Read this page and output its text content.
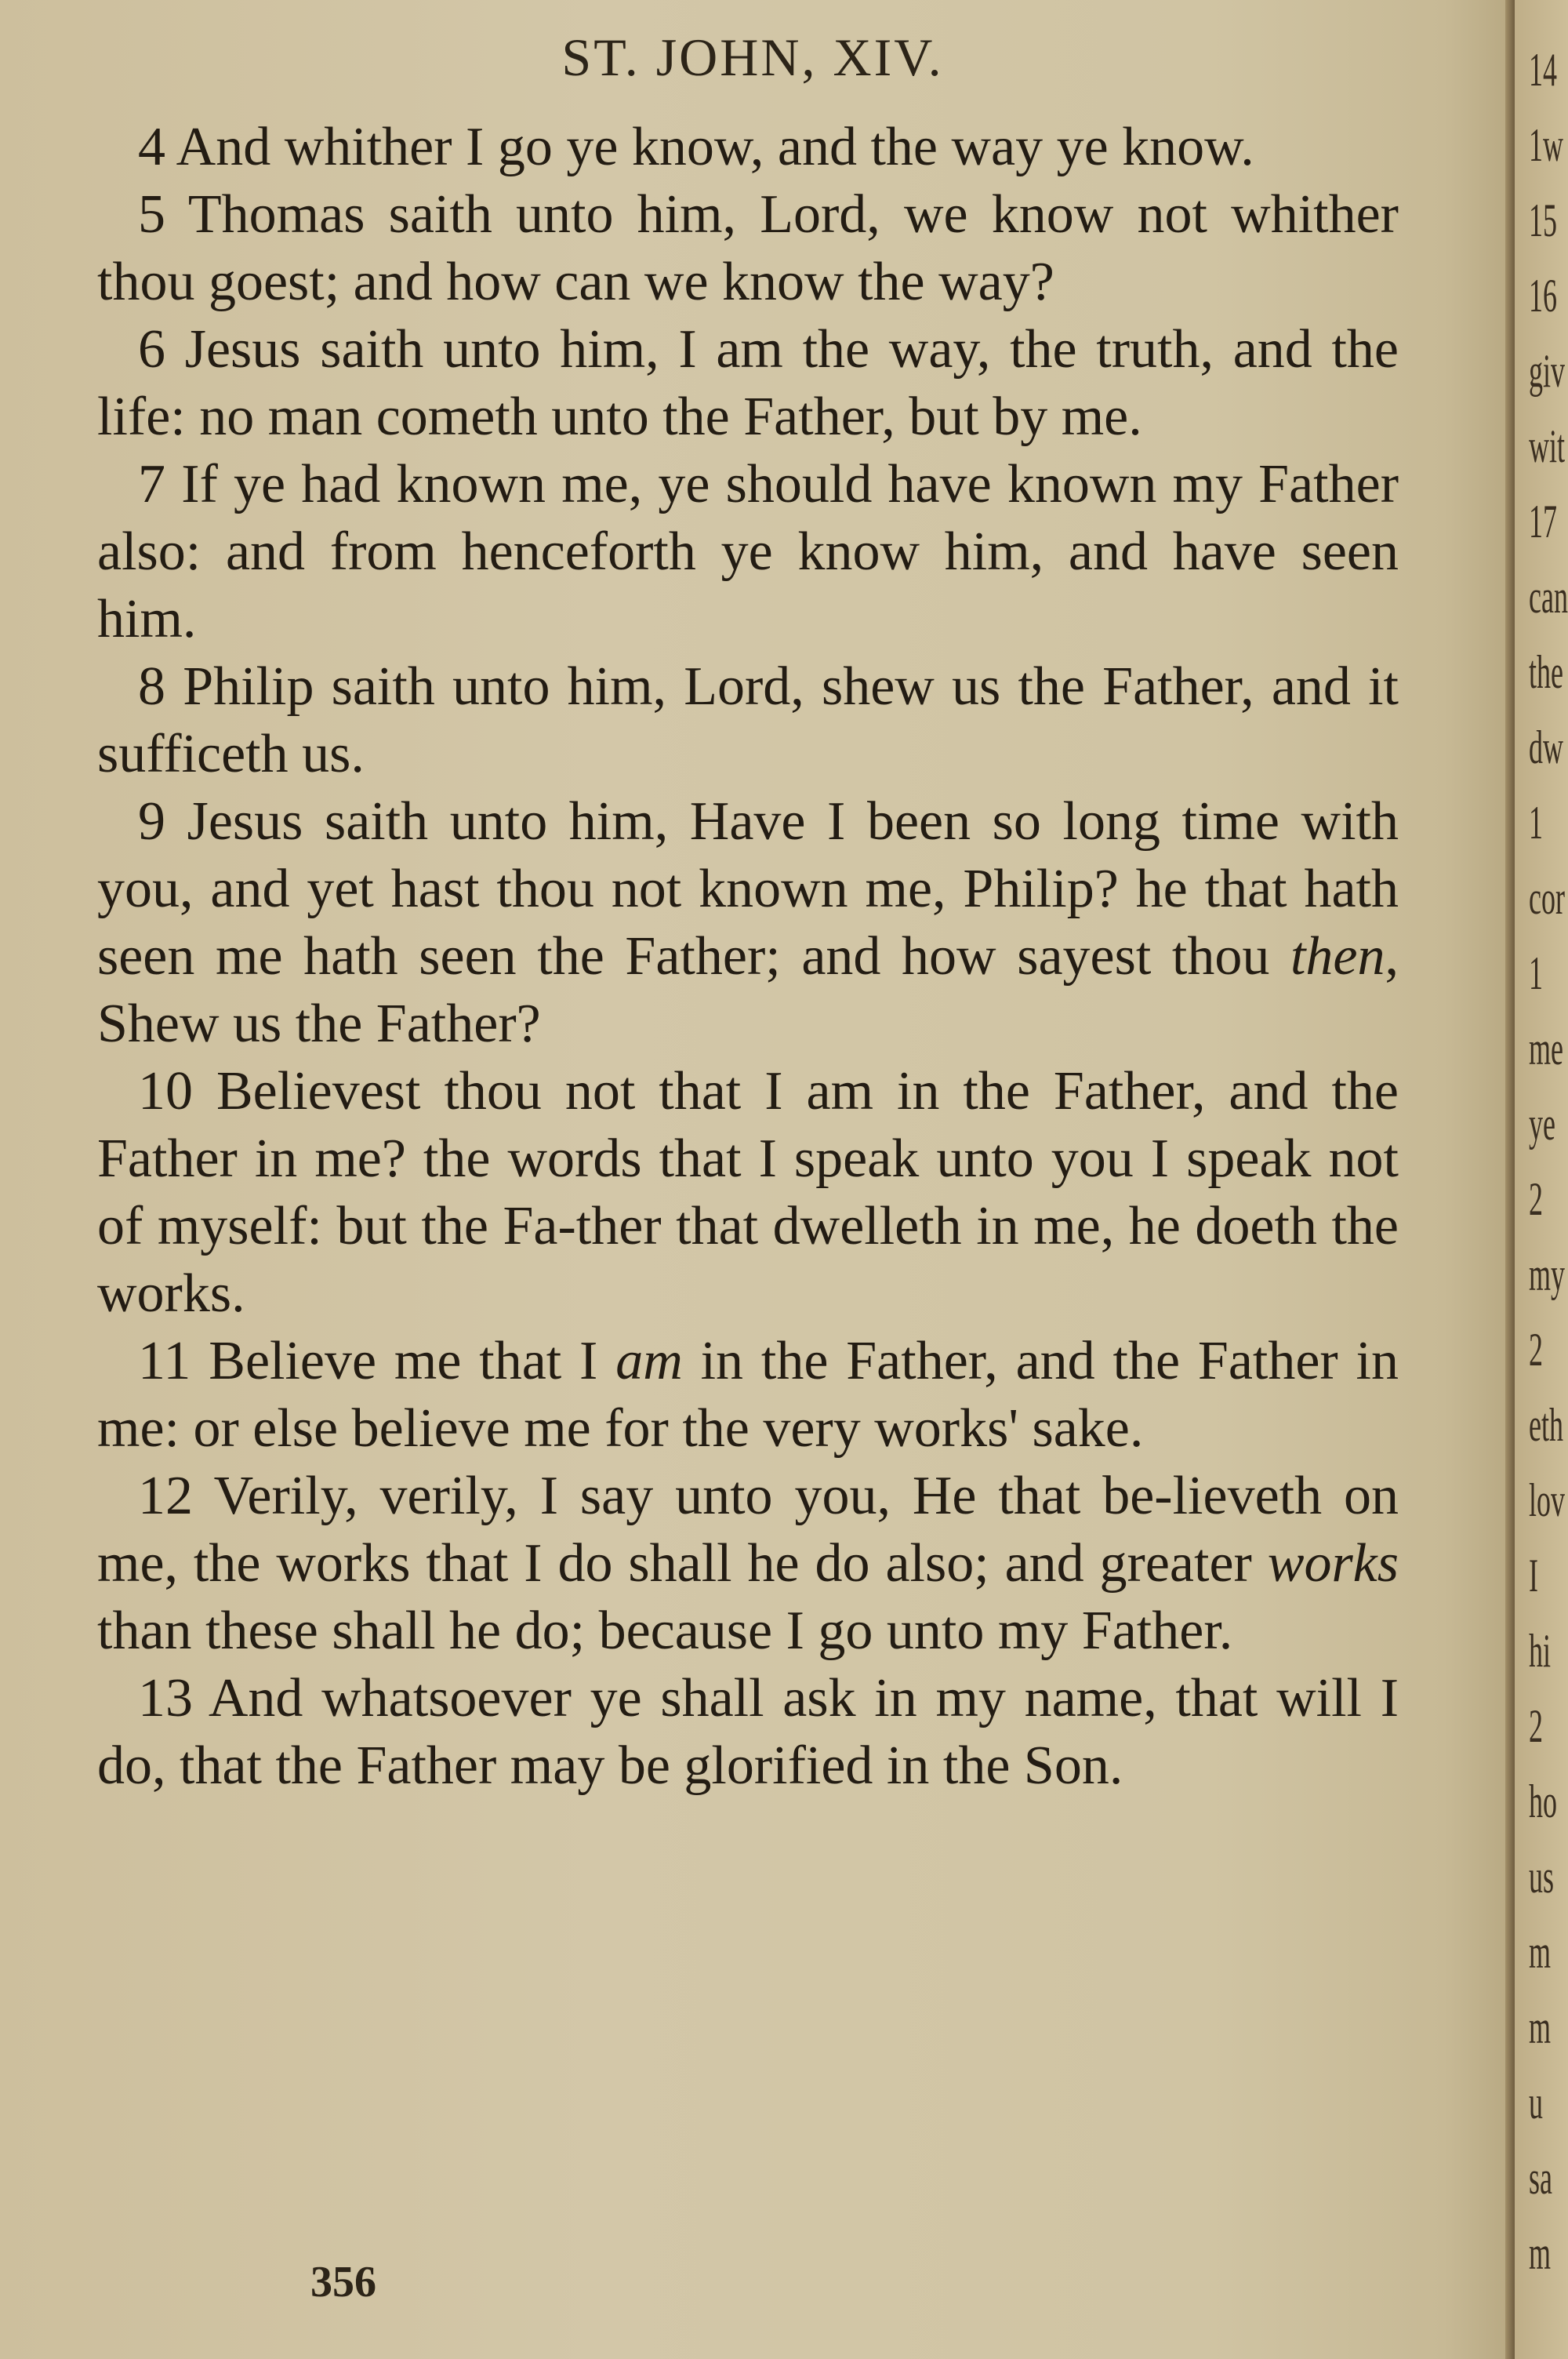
ST. JOHN, XIV.

4 And whither I go ye know, and the way ye know.

5 Thomas saith unto him, Lord, we know not whither thou goest; and how can we know the way?

6 Jesus saith unto him, I am the way, the truth, and the life: no man cometh unto the Father, but by me.

7 If ye had known me, ye should have known my Father also: and from henceforth ye know him, and have seen him.

8 Philip saith unto him, Lord, shew us the Father, and it sufficeth us.

9 Jesus saith unto him, Have I been so long time with you, and yet hast thou not known me, Philip? he that hath seen me hath seen the Father; and how sayest thou then, Shew us the Father?

10 Believest thou not that I am in the Father, and the Father in me? the words that I speak unto you I speak not of myself: but the Fa-ther that dwelleth in me, he doeth the works.

11 Believe me that I am in the Father, and the Father in me: or else believe me for the very works' sake.

12 Verily, verily, I say unto you, He that be-lieveth on me, the works that I do shall he do also; and greater works than these shall he do; because I go unto my Father.

13 And whatsoever ye shall ask in my name, that will I do, that the Father may be glorified in the Son.

356
14
1w
15
16
giv
wit
17
can
the
dw
1
cor
1
me
ye
2
my
2
eth
lov
I
hi
2
ho
us
m
m
u
sa
m
